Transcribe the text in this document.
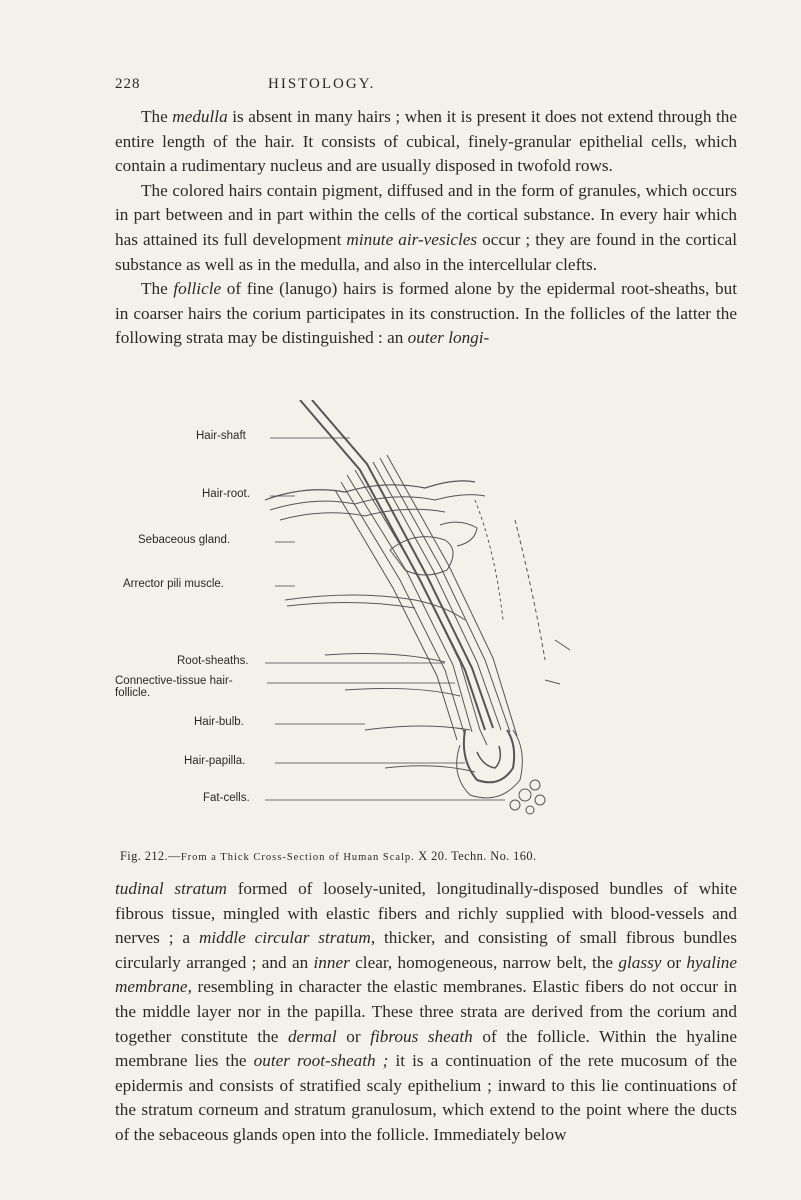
228	HISTOLOGY.

The medulla is absent in many hairs ; when it is present it does not extend through the entire length of the hair. It consists of cubical, finely-granular epithelial cells, which contain a rudimentary nucleus and are usually disposed in twofold rows.

The colored hairs contain pigment, diffused and in the form of granules, which occurs in part between and in part within the cells of the cortical substance. In every hair which has attained its full development minute air-vesicles occur ; they are found in the cortical substance as well as in the medulla, and also in the intercellular clefts.

The follicle of fine (lanugo) hairs is formed alone by the epidermal root-sheaths, but in coarser hairs the corium participates in its construction. In the follicles of the latter the following strata may be distinguished : an outer longi-

Hair-shaft
Hair-root.
Sebaceous gland.
Arrector pili muscle.
Root-sheaths.
Connective-tissue hair-
follicle.
Hair-bulb.
Hair-papilla.
Fat-cells.
Fig. 212.—From a Thick Cross-Section of Human Scalp. X 20. Techn. No. 160.

tudinal stratum formed of loosely-united, longitudinally-disposed bundles of white fibrous tissue, mingled with elastic fibers and richly supplied with blood-vessels and nerves ; a middle circular stratum, thicker, and consisting of small fibrous bundles circularly arranged ; and an inner clear, homogeneous, narrow belt, the glassy or hyaline membrane, resembling in character the elastic membranes. Elastic fibers do not occur in the middle layer nor in the papilla. These three strata are derived from the corium and together constitute the dermal or fibrous sheath of the follicle. Within the hyaline membrane lies the outer root-sheath ; it is a continuation of the rete mucosum of the epidermis and consists of stratified scaly epithelium ; inward to this lie continuations of the stratum corneum and stratum granulosum, which extend to the point where the ducts of the sebaceous glands open into the follicle. Immediately below
